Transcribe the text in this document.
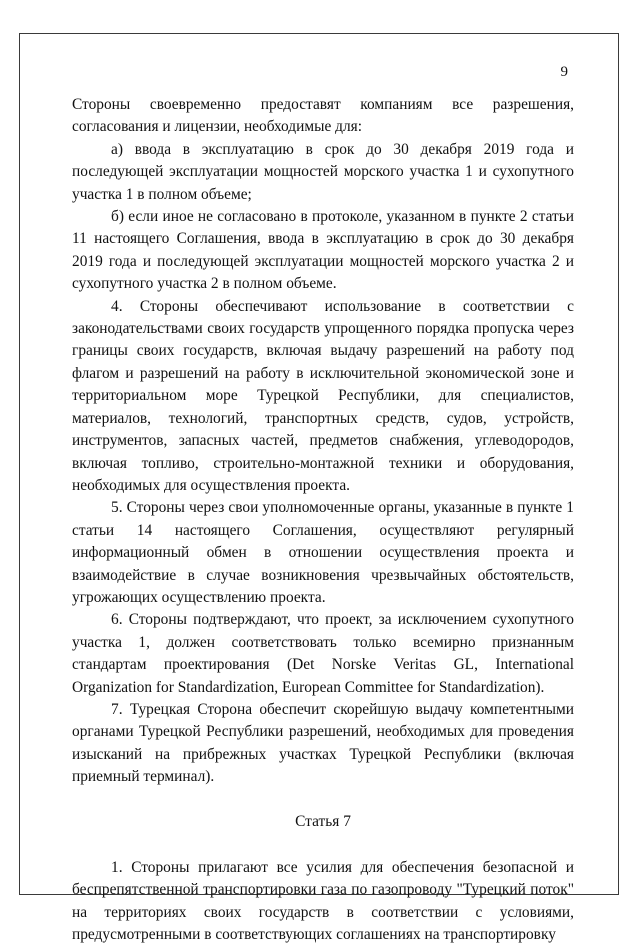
9

Стороны своевременно предоставят компаниям все разрешения, согласования и лицензии, необходимые для:

а) ввода в эксплуатацию в срок до 30 декабря 2019 года и последующей эксплуатации мощностей морского участка 1 и сухопутного участка 1 в полном объеме;

б) если иное не согласовано в протоколе, указанном в пункте 2 статьи 11 настоящего Соглашения, ввода в эксплуатацию в срок до 30 декабря 2019 года и последующей эксплуатации мощностей морского участка 2 и сухопутного участка 2 в полном объеме.

4. Стороны обеспечивают использование в соответствии с законодательствами своих государств упрощенного порядка пропуска через границы своих государств, включая выдачу разрешений на работу под флагом и разрешений на работу в исключительной экономической зоне и территориальном море Турецкой Республики, для специалистов, материалов, технологий, транспортных средств, судов, устройств, инструментов, запасных частей, предметов снабжения, углеводородов, включая топливо, строительно-монтажной техники и оборудования, необходимых для осуществления проекта.

5. Стороны через свои уполномоченные органы, указанные в пункте 1 статьи 14 настоящего Соглашения, осуществляют регулярный информационный обмен в отношении осуществления проекта и взаимодействие в случае возникновения чрезвычайных обстоятельств, угрожающих осуществлению проекта.

6. Стороны подтверждают, что проект, за исключением сухопутного участка 1, должен соответствовать только всемирно признанным стандартам проектирования (Det Norske Veritas GL, International Organization for Standardization, European Committee for Standardization).

7. Турецкая Сторона обеспечит скорейшую выдачу компетентными органами Турецкой Республики разрешений, необходимых для проведения изысканий на прибрежных участках Турецкой Республики (включая приемный терминал).

Статья 7

1. Стороны прилагают все усилия для обеспечения безопасной и беспрепятственной транспортировки газа по газопроводу "Турецкий поток" на территориях своих государств в соответствии с условиями, предусмотренными в соответствующих соглашениях на транспортировку
